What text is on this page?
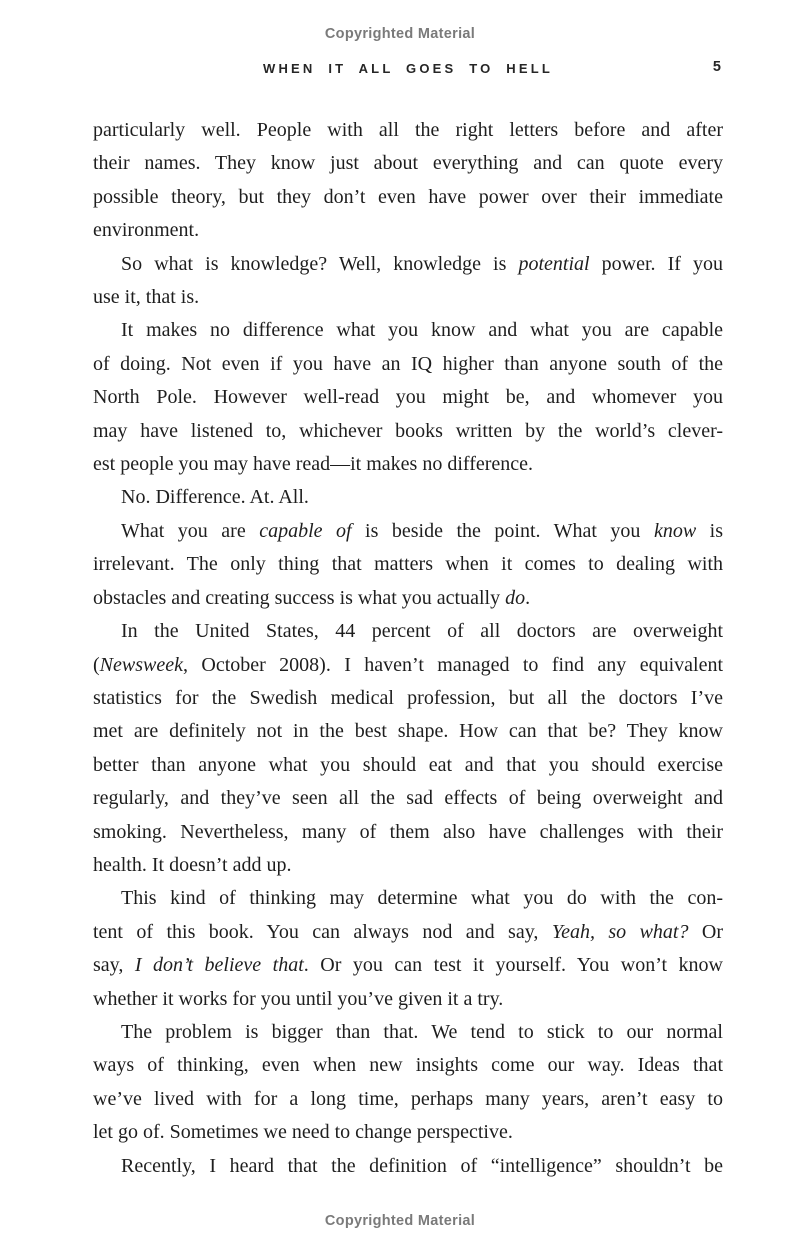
Copyrighted Material
WHEN IT ALL GOES TO HELL	5
particularly well. People with all the right letters before and after
their names. They know just about everything and can quote every
possible theory, but they don’t even have power over their immediate
environment.
So what is knowledge? Well, knowledge is potential power. If you
use it, that is.
It makes no difference what you know and what you are capable
of doing. Not even if you have an IQ higher than anyone south of the
North Pole. However well-read you might be, and whomever you
may have listened to, whichever books written by the world’s clever-
est people you may have read—it makes no difference.
No. Difference. At. All.
What you are capable of is beside the point. What you know is
irrelevant. The only thing that matters when it comes to dealing with
obstacles and creating success is what you actually do.
In the United States, 44 percent of all doctors are overweight
(Newsweek, October 2008). I haven’t managed to find any equivalent
statistics for the Swedish medical profession, but all the doctors I’ve
met are definitely not in the best shape. How can that be? They know
better than anyone what you should eat and that you should exercise
regularly, and they’ve seen all the sad effects of being overweight and
smoking. Nevertheless, many of them also have challenges with their
health. It doesn’t add up.
This kind of thinking may determine what you do with the con-
tent of this book. You can always nod and say, Yeah, so what? Or
say, I don’t believe that. Or you can test it yourself. You won’t know
whether it works for you until you’ve given it a try.
The problem is bigger than that. We tend to stick to our normal
ways of thinking, even when new insights come our way. Ideas that
we’ve lived with for a long time, perhaps many years, aren’t easy to
let go of. Sometimes we need to change perspective.
Recently, I heard that the definition of “intelligence” shouldn’t be
Copyrighted Material
